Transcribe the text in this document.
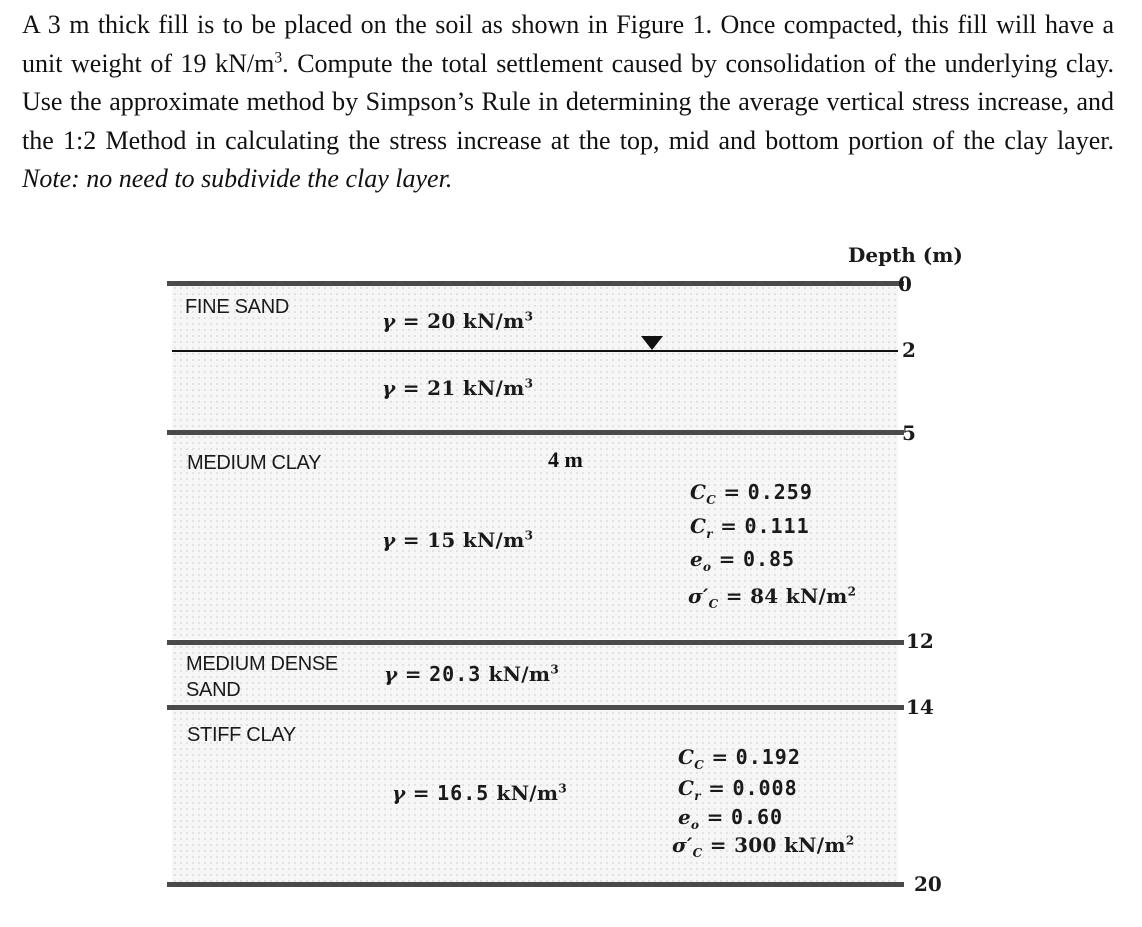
A 3 m thick fill is to be placed on the soil as shown in Figure 1. Once compacted, this fill will have a unit weight of 19 $kN/m^3$. Compute the total settlement caused by consolidation of the underlying clay. Use the approximate method by Simpson’s Rule in determining the average vertical stress increase, and the 1:2 Method in calculating the stress increase at the top, mid and bottom portion of the clay layer. Note: no need to subdivide the clay layer.
Depth (m)
0
2
5
12
14
20
FINE SAND
MEDIUM CLAY
MEDIUM DENSE
SAND
STIFF CLAY
γ = 20 $kN/m^3$
γ = 21 $kN/m^3$
γ = 15 $kN/m^3$
γ = 20.3 $kN/m^3$
γ = 16.5 $kN/m^3$
4 m
$C_C = 0.259$
$C_r = 0.111$
$e_o = 0.85$
$\sigma'_C = 84$ $kN/m^2$
$C_C = 0.192$
$C_r = 0.008$
$e_o = 0.60$
$\sigma'_C = 300$ $kN/m^2$
